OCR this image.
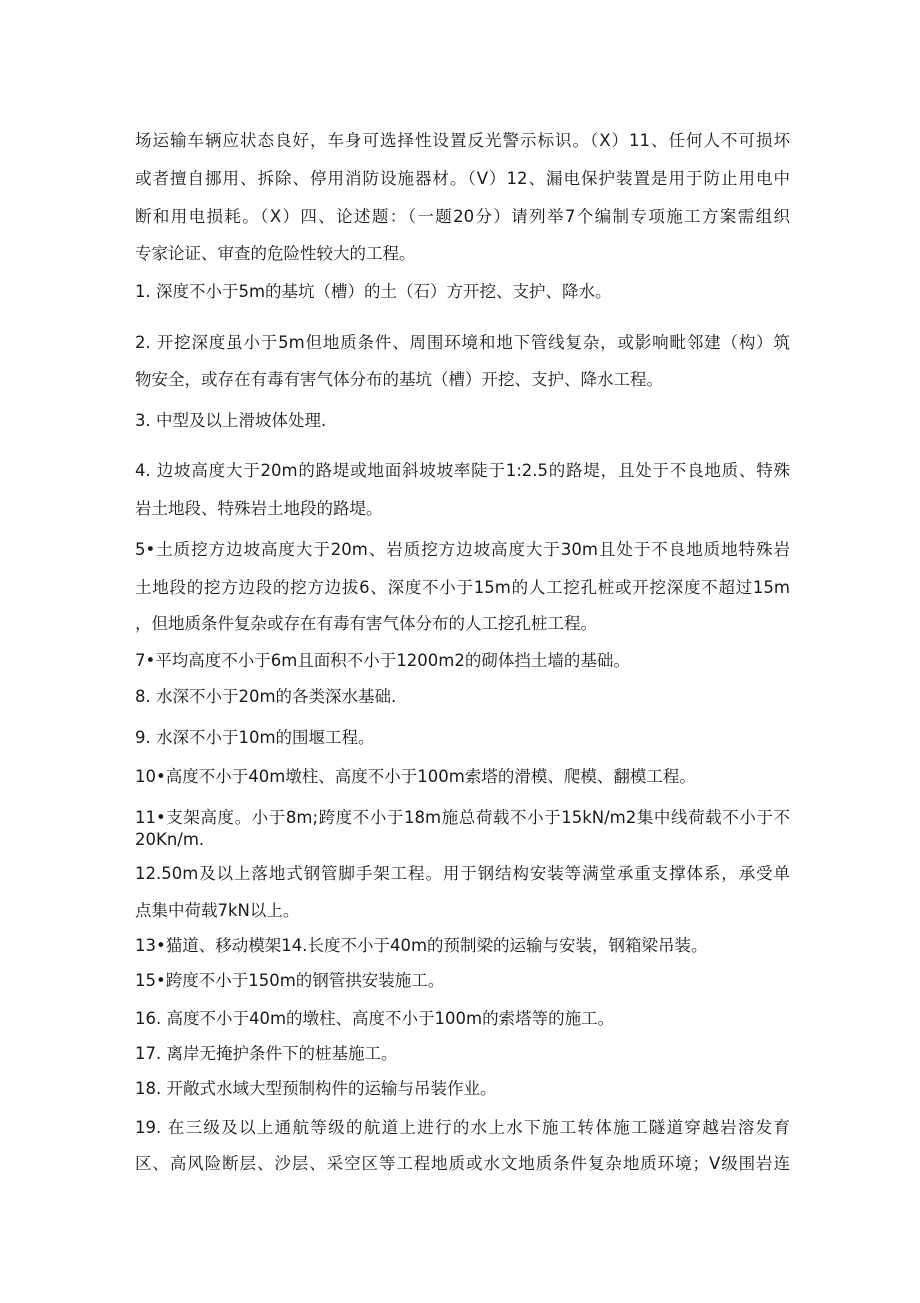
场运输车辆应状态良好，车身可选择性设置反光警示标识。（X）11、任何人不可损坏
或者擅自挪用、拆除、停用消防设施器材。（V）12、漏电保护装置是用于防止用电中
断和用电损耗。（X）四、论述题：（一题20分）请列举7个编制专项施工方案需组织
专家论证、审查的危险性较大的工程。
1. 深度不小于5m的基坑（槽）的土（石）方开挖、支护、降水。
2. 开挖深度虽小于5m但地质条件、周围环境和地下管线复杂，或影响毗邻建（构）筑
物安全，或存在有毒有害气体分布的基坑（槽）开挖、支护、降水工程。
3. 中型及以上滑坡体处理.
4. 边坡高度大于20m的路堤或地面斜坡坡率陡于1:2.5的路堤，且处于不良地质、特殊
岩土地段、特殊岩土地段的路堤。
5•土质挖方边坡高度大于20m、岩质挖方边坡高度大于30m且处于不良地质地特殊岩
土地段的挖方边段的挖方边拔6、深度不小于15m的人工挖孔桩或开挖深度不超过15m
，但地质条件复杂或存在有毒有害气体分布的人工挖孔桩工程。
7•平均高度不小于6m且面积不小于1200m2的砌体挡土墙的基础。
8. 水深不小于20m的各类深水基础.
9. 水深不小于10m的围堰工程。
10•高度不小于40m墩柱、高度不小于100m索塔的滑模、爬模、翻模工程。
11•支架高度。小于8m;跨度不小于18m施总荷载不小于15kN/m2集中线荷载不小于不
20Kn/m.
12.50m及以上落地式钢管脚手架工程。用于钢结构安装等满堂承重支撑体系，承受单
点集中荷载7kN以上。
13•猫道、移动模架14.长度不小于40m的预制梁的运输与安装，钢箱梁吊装。
15•跨度不小于150m的钢管拱安装施工。
16. 高度不小于40m的墩柱、高度不小于100m的索塔等的施工。
17. 离岸无掩护条件下的桩基施工。
18. 开敞式水域大型预制构件的运输与吊装作业。
19. 在三级及以上通航等级的航道上进行的水上水下施工转体施工隧道穿越岩溶发育
区、高风险断层、沙层、采空区等工程地质或水文地质条件复杂地质环境；V级围岩连
